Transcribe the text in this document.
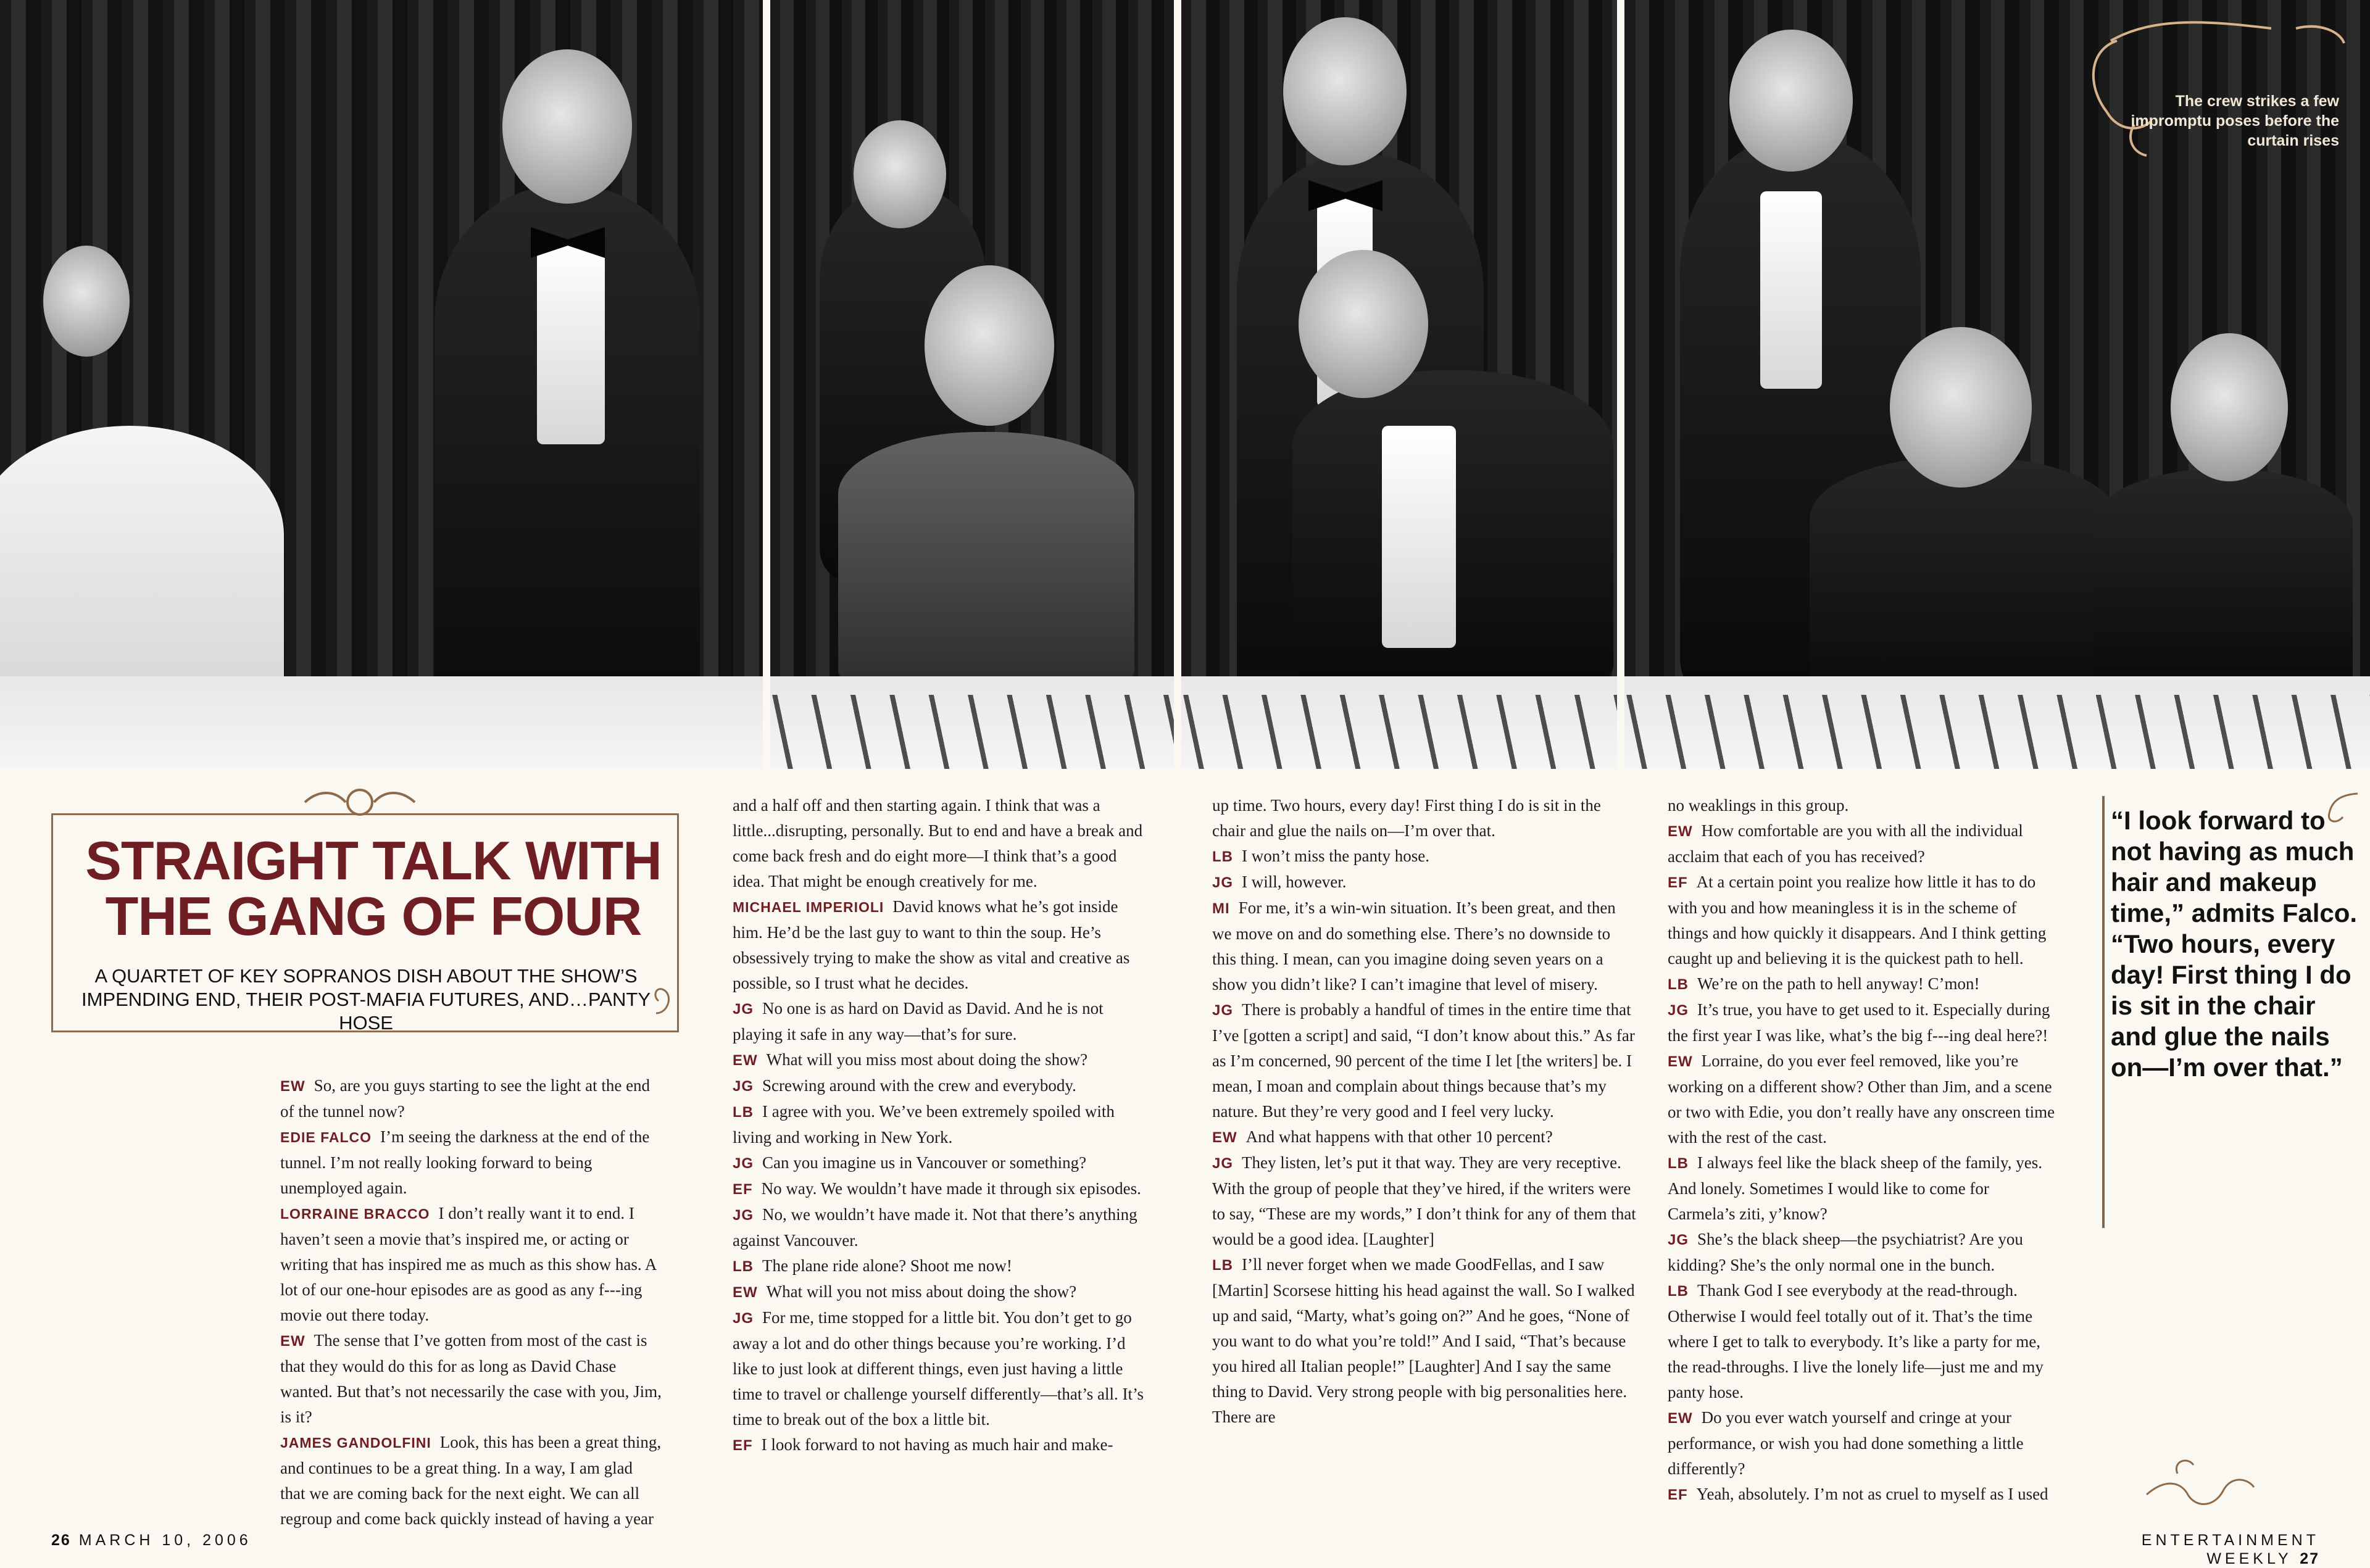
The crew strikes a few impromptu poses before the curtain rises
STRAIGHT TALK WITH THE GANG OF FOUR
A QUARTET OF KEY SOPRANOS DISH ABOUT THE SHOW’S IMPENDING END, THEIR POST-MAFIA FUTURES, AND…PANTY HOSE

EW So, are you guys starting to see the light at the end of the tunnel now?

EDIE FALCO I’m seeing the darkness at the end of the tunnel. I’m not really looking forward to being unemployed again.

LORRAINE BRACCO I don’t really want it to end. I haven’t seen a movie that’s inspired me, or acting or writing that has inspired me as much as this show has. A lot of our one-hour episodes are as good as any f---ing movie out there today.

EW The sense that I’ve gotten from most of the cast is that they would do this for as long as David Chase wanted. But that’s not necessarily the case with you, Jim, is it?

JAMES GANDOLFINI Look, this has been a great thing, and continues to be a great thing. In a way, I am glad that we are coming back for the next eight. We can all regroup and come back quickly instead of having a year

and a half off and then starting again. I think that was a little...disrupting, personally. But to end and have a break and come back fresh and do eight more—I think that’s a good idea. That might be enough creatively for me.

MICHAEL IMPERIOLI David knows what he’s got inside him. He’d be the last guy to want to thin the soup. He’s obsessively trying to make the show as vital and creative as possible, so I trust what he decides.

JG No one is as hard on David as David. And he is not playing it safe in any way—that’s for sure.

EW What will you miss most about doing the show?

JG Screwing around with the crew and everybody.

LB I agree with you. We’ve been extremely spoiled with living and working in New York.

JG Can you imagine us in Vancouver or something?

EF No way. We wouldn’t have made it through six episodes.

JG No, we wouldn’t have made it. Not that there’s anything against Vancouver.

LB The plane ride alone? Shoot me now!

EW What will you not miss about doing the show?

JG For me, time stopped for a little bit. You don’t get to go away a lot and do other things because you’re working. I’d like to just look at different things, even just having a little time to travel or challenge yourself differently—that’s all. It’s time to break out of the box a little bit.

EF I look forward to not having as much hair and make-

up time. Two hours, every day! First thing I do is sit in the chair and glue the nails on—I’m over that.

LB I won’t miss the panty hose.

JG I will, however.

MI For me, it’s a win-win situation. It’s been great, and then we move on and do something else. There’s no downside to this thing. I mean, can you imagine doing seven years on a show you didn’t like? I can’t imagine that level of misery.

JG There is probably a handful of times in the entire time that I’ve [gotten a script] and said, “I don’t know about this.” As far as I’m concerned, 90 percent of the time I let [the writers] be. I mean, I moan and complain about things because that’s my nature. But they’re very good and I feel very lucky.

EW And what happens with that other 10 percent?

JG They listen, let’s put it that way. They are very receptive. With the group of people that they’ve hired, if the writers were to say, “These are my words,” I don’t think for any of them that would be a good idea. [Laughter]

LB I’ll never forget when we made GoodFellas, and I saw [Martin] Scorsese hitting his head against the wall. So I walked up and said, “Marty, what’s going on?” And he goes, “None of you want to do what you’re told!” And I said, “That’s because you hired all Italian people!” [Laughter] And I say the same thing to David. Very strong people with big personalities here. There are

no weaklings in this group.

EW How comfortable are you with all the individual acclaim that each of you has received?

EF At a certain point you realize how little it has to do with you and how meaningless it is in the scheme of things and how quickly it disappears. And I think getting caught up and believing it is the quickest path to hell.

LB We’re on the path to hell anyway! C’mon!

JG It’s true, you have to get used to it. Especially during the first year I was like, what’s the big f---ing deal here?!

EW Lorraine, do you ever feel removed, like you’re working on a different show? Other than Jim, and a scene or two with Edie, you don’t really have any onscreen time with the rest of the cast.

LB I always feel like the black sheep of the family, yes. And lonely. Sometimes I would like to come for Carmela’s ziti, y’know?

JG She’s the black sheep—the psychiatrist? Are you kidding? She’s the only normal one in the bunch.

LB Thank God I see everybody at the read-through. Otherwise I would feel totally out of it. That’s the time where I get to talk to everybody. It’s like a party for me, the read-throughs. I live the lonely life—just me and my panty hose.

EW Do you ever watch yourself and cringe at your performance, or wish you had done something a little differently?

EF Yeah, absolutely. I’m not as cruel to myself as I used

“I look forward to not having as much hair and makeup time,” admits Falco. “Two hours, every day! First thing I do is sit in the chair and glue the nails on—I’m over that.”
26 MARCH 10, 2006	ENTERTAINMENT WEEKLY 27
